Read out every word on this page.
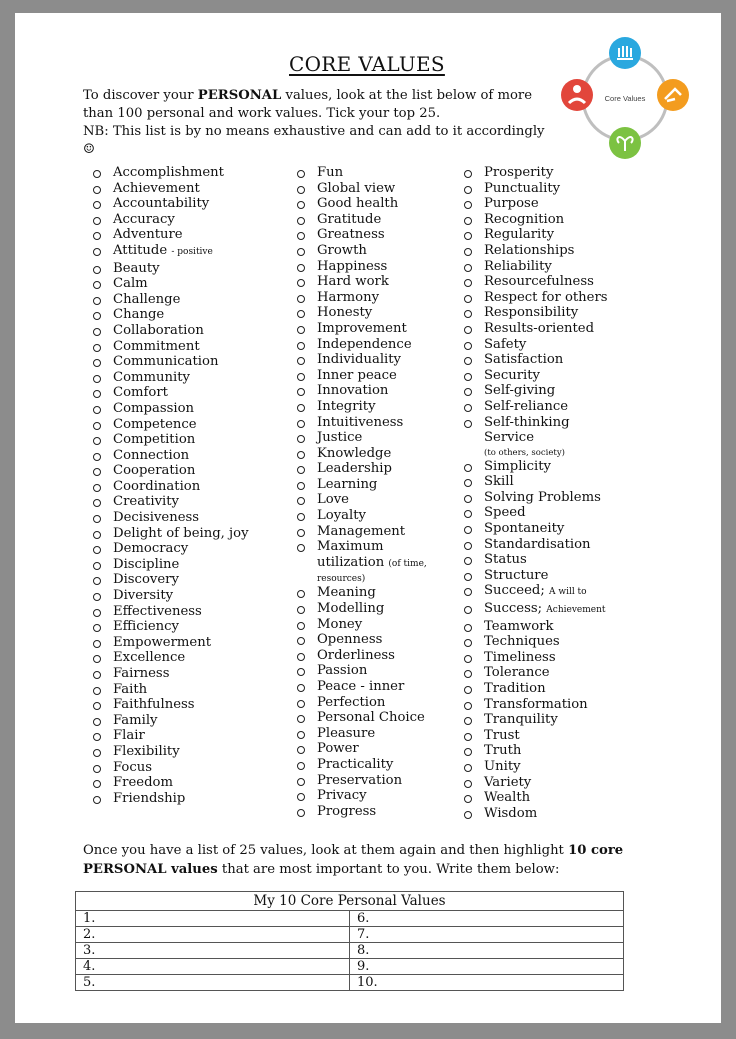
CORE VALUES
To discover your PERSONAL values, look at the list below of more than 100 personal and work values. Tick your top 25.
NB: This list is by no means exhaustive and can add to it accordingly☺
Core Values
Accomplishment
Achievement
Accountability
Accuracy
Adventure
Attitude - positive
Beauty
Calm
Challenge
Change
Collaboration
Commitment
Communication
Community
Comfort
Compassion
Competence
Competition
Connection
Cooperation
Coordination
Creativity
Decisiveness
Delight of being, joy
Democracy
Discipline
Discovery
Diversity
Effectiveness
Efficiency
Empowerment
Excellence
Fairness
Faith
Faithfulness
Family
Flair
Flexibility
Focus
Freedom
Friendship
Fun
Global view
Good health
Gratitude
Greatness
Growth
Happiness
Hard work
Harmony
Honesty
Improvement
Independence
Individuality
Inner peace
Innovation
Integrity
Intuitiveness
Justice
Knowledge
Leadership
Learning
Love
Loyalty
Management
Maximum
utilization (of time,
resources)
Meaning
Modelling
Money
Openness
Orderliness
Passion
Peace - inner
Perfection
Personal Choice
Pleasure
Power
Practicality
Preservation
Privacy
Progress
Prosperity
Punctuality
Purpose
Recognition
Regularity
Relationships
Reliability
Resourcefulness
Respect for others
Responsibility
Results-oriented
Safety
Satisfaction
Security
Self-giving
Self-reliance
Self-thinking
Service
(to others, society)
Simplicity
Skill
Solving Problems
Speed
Spontaneity
Standardisation
Status
Structure
Succeed; A will to
Success; Achievement
Teamwork
Techniques
Timeliness
Tolerance
Tradition
Transformation
Tranquility
Trust
Truth
Unity
Variety
Wealth
Wisdom
Once you have a list of 25 values, look at them again and then highlight 10 core PERSONAL values that are most important to you. Write them below:
My 10 Core Personal Values	
1.	6.
2.	7.
3.	8.
4.	9.
5.	10.
